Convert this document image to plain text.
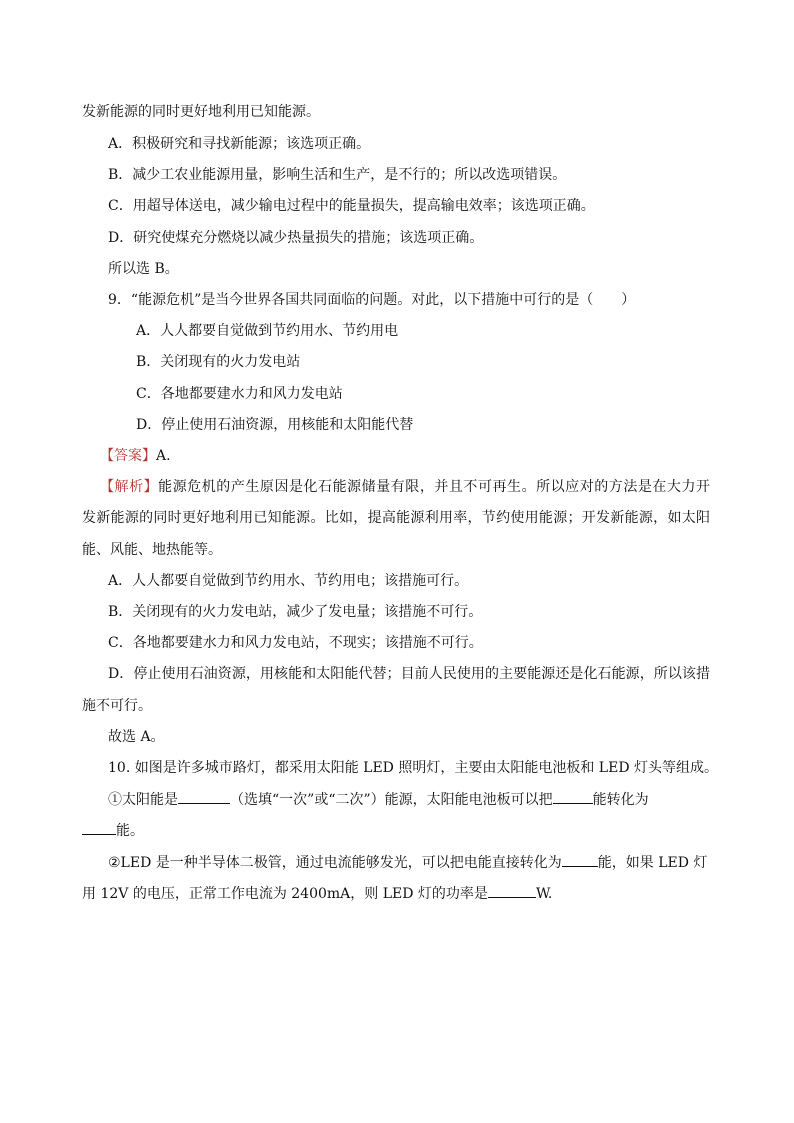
发新能源的同时更好地利用已知能源。
A．积极研究和寻找新能源；该选项正确。
B．减少工农业能源用量，影响生活和生产，是不行的；所以改选项错误。
C．用超导体送电，减少输电过程中的能量损失，提高输电效率；该选项正确。
D．研究使煤充分燃烧以减少热量损失的措施；该选项正确。
所以选 B。
9．“能源危机”是当今世界各国共同面临的问题。对此，以下措施中可行的是（　　）
A．人人都要自觉做到节约用水、节约用电
B．关闭现有的火力发电站
C．各地都要建水力和风力发电站
D．停止使用石油资源，用核能和太阳能代替
【答案】A.
【解析】能源危机的产生原因是化石能源储量有限，并且不可再生。所以应对的方法是在大力开
发新能源的同时更好地利用已知能源。比如，提高能源利用率，节约使用能源；开发新能源，如太阳
能、风能、地热能等。
A．人人都要自觉做到节约用水、节约用电；该措施可行。
B．关闭现有的火力发电站，减少了发电量；该措施不可行。
C．各地都要建水力和风力发电站，不现实；该措施不可行。
D．停止使用石油资源，用核能和太阳能代替；目前人民使用的主要能源还是化石能源，所以该措
施不可行。
故选 A。
10. 如图是许多城市路灯，都采用太阳能 LED 照明灯，主要由太阳能电池板和 LED 灯头等组成。
①太阳能是	（选填“一次”或“二次”）能源，太阳能电池板可以把	能转化为
能。
②LED 是一种半导体二极管，通过电流能够发光，可以把电能直接转化为	能，如果 LED 灯
用 12V 的电压，正常工作电流为 2400mA，则 LED 灯的功率是	W.
